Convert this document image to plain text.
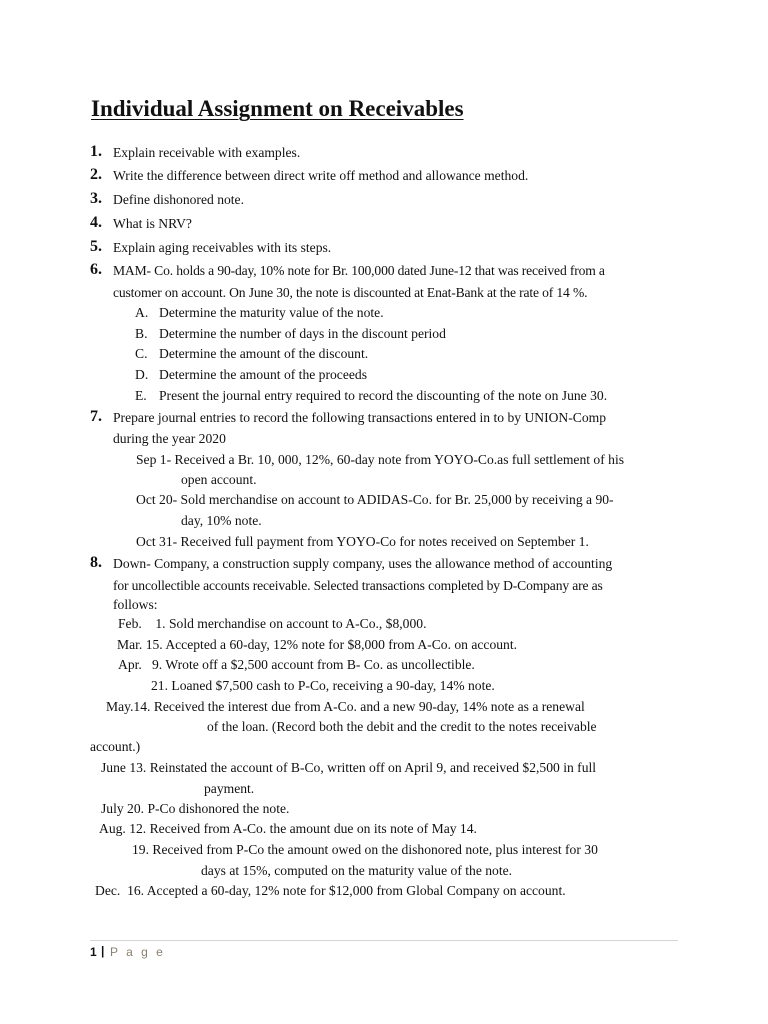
Individual Assignment on Receivables
1. Explain receivable with examples.
2. Write the difference between direct write off method and allowance method.
3. Define dishonored note.
4. What is NRV?
5. Explain aging receivables with its steps.
6. MAM- Co. holds a 90-day, 10% note for Br. 100,000 dated June-12 that was received from a
customer on account. On June 30, the note is discounted at Enat-Bank at the rate of 14 %.
A. Determine the maturity value of the note.
B. Determine the number of days in the discount period
C. Determine the amount of the discount.
D. Determine the amount of the proceeds
E. Present the journal entry required to record the discounting of the note on June 30.
7. Prepare journal entries to record the following transactions entered in to by UNION-Comp
during the year 2020
Sep 1- Received a Br. 10, 000, 12%, 60-day note from YOYO-Co.as full settlement of his
open account.
Oct 20- Sold merchandise on account to ADIDAS-Co. for Br. 25,000 by receiving a 90-
day, 10% note.
Oct 31- Received full payment from YOYO-Co for notes received on September 1.
8. Down- Company, a construction supply company, uses the allowance method of accounting
for uncollectible accounts receivable. Selected transactions completed by D-Company are as
follows:
Feb.    1. Sold merchandise on account to A-Co., $8,000.
Mar. 15. Accepted a 60-day, 12% note for $8,000 from A-Co. on account.
Apr.   9. Wrote off a $2,500 account from B- Co. as uncollectible.
21. Loaned $7,500 cash to P-Co, receiving a 90-day, 14% note.
May.14. Received the interest due from A-Co. and a new 90-day, 14% note as a renewal
of the loan. (Record both the debit and the credit to the notes receivable
account.)
June 13. Reinstated the account of B-Co, written off on April 9, and received $2,500 in full
payment.
July 20. P-Co dishonored the note.
Aug. 12. Received from A-Co. the amount due on its note of May 14.
19. Received from P-Co the amount owed on the dishonored note, plus interest for 30
days at 15%, computed on the maturity value of the note.
Dec.  16. Accepted a 60-day, 12% note for $12,000 from Global Company on account.
1 | P a g e
